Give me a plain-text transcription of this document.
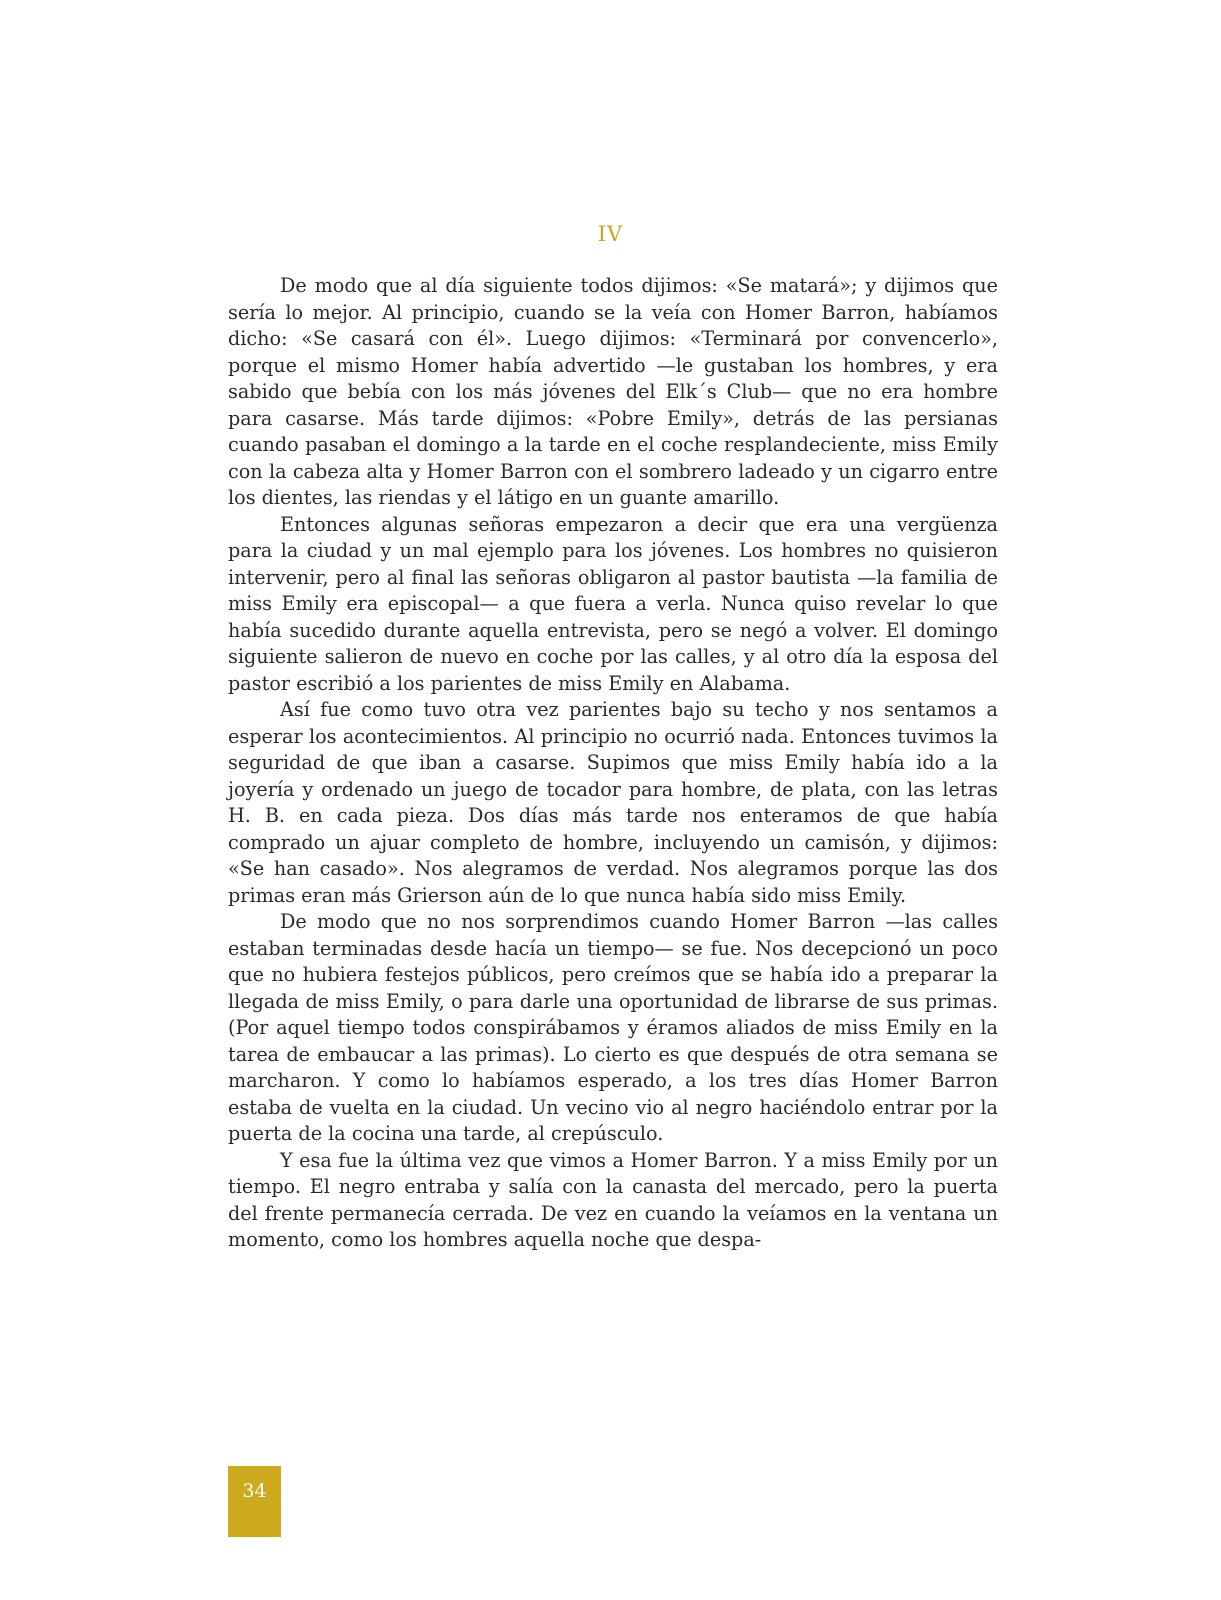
IV

De modo que al día siguiente todos dijimos: «Se matará»; y dijimos que sería lo mejor. Al principio, cuando se la veía con Homer Barron, habíamos dicho: «Se casará con él». Luego dijimos: «Terminará por convencerlo», porque el mismo Homer había advertido —le gustaban los hombres, y era sabido que bebía con los más jóvenes del Elk´s Club— que no era hombre para casarse. Más tarde dijimos: «Pobre Emily», detrás de las persianas cuando pasaban el domingo a la tarde en el coche resplandeciente, miss Emily con la cabeza alta y Homer Barron con el sombrero ladeado y un cigarro entre los dientes, las riendas y el látigo en un guante amarillo.

Entonces algunas señoras empezaron a decir que era una vergüenza para la ciudad y un mal ejemplo para los jóvenes. Los hombres no quisieron intervenir, pero al final las señoras obligaron al pastor bautista —la familia de miss Emily era episcopal— a que fuera a verla. Nunca quiso revelar lo que había sucedido durante aquella entrevista, pero se negó a volver. El domingo siguiente salieron de nuevo en coche por las calles, y al otro día la esposa del pastor escribió a los parientes de miss Emily en Alabama.

Así fue como tuvo otra vez parientes bajo su techo y nos sentamos a esperar los acontecimientos. Al principio no ocurrió nada. Entonces tuvimos la seguridad de que iban a casarse. Supimos que miss Emily había ido a la joyería y ordenado un juego de tocador para hombre, de plata, con las letras H. B. en cada pieza. Dos días más tarde nos enteramos de que había comprado un ajuar completo de hombre, incluyendo un camisón, y dijimos: «Se han casado». Nos alegramos de verdad. Nos alegramos porque las dos primas eran más Grierson aún de lo que nunca había sido miss Emily.

De modo que no nos sorprendimos cuando Homer Barron —las calles estaban terminadas desde hacía un tiempo— se fue. Nos decepcionó un poco que no hubiera festejos públicos, pero creímos que se había ido a preparar la llegada de miss Emily, o para darle una oportunidad de librarse de sus primas. (Por aquel tiempo todos conspirábamos y éramos aliados de miss Emily en la tarea de embaucar a las primas). Lo cierto es que después de otra semana se marcharon. Y como lo habíamos esperado, a los tres días Homer Barron estaba de vuelta en la ciudad. Un vecino vio al negro haciéndolo entrar por la puerta de la cocina una tarde, al crepúsculo.

Y esa fue la última vez que vimos a Homer Barron. Y a miss Emily por un tiempo. El negro entraba y salía con la canasta del mercado, pero la puerta del frente permanecía cerrada. De vez en cuando la veíamos en la ventana un momento, como los hombres aquella noche que despa-

34
